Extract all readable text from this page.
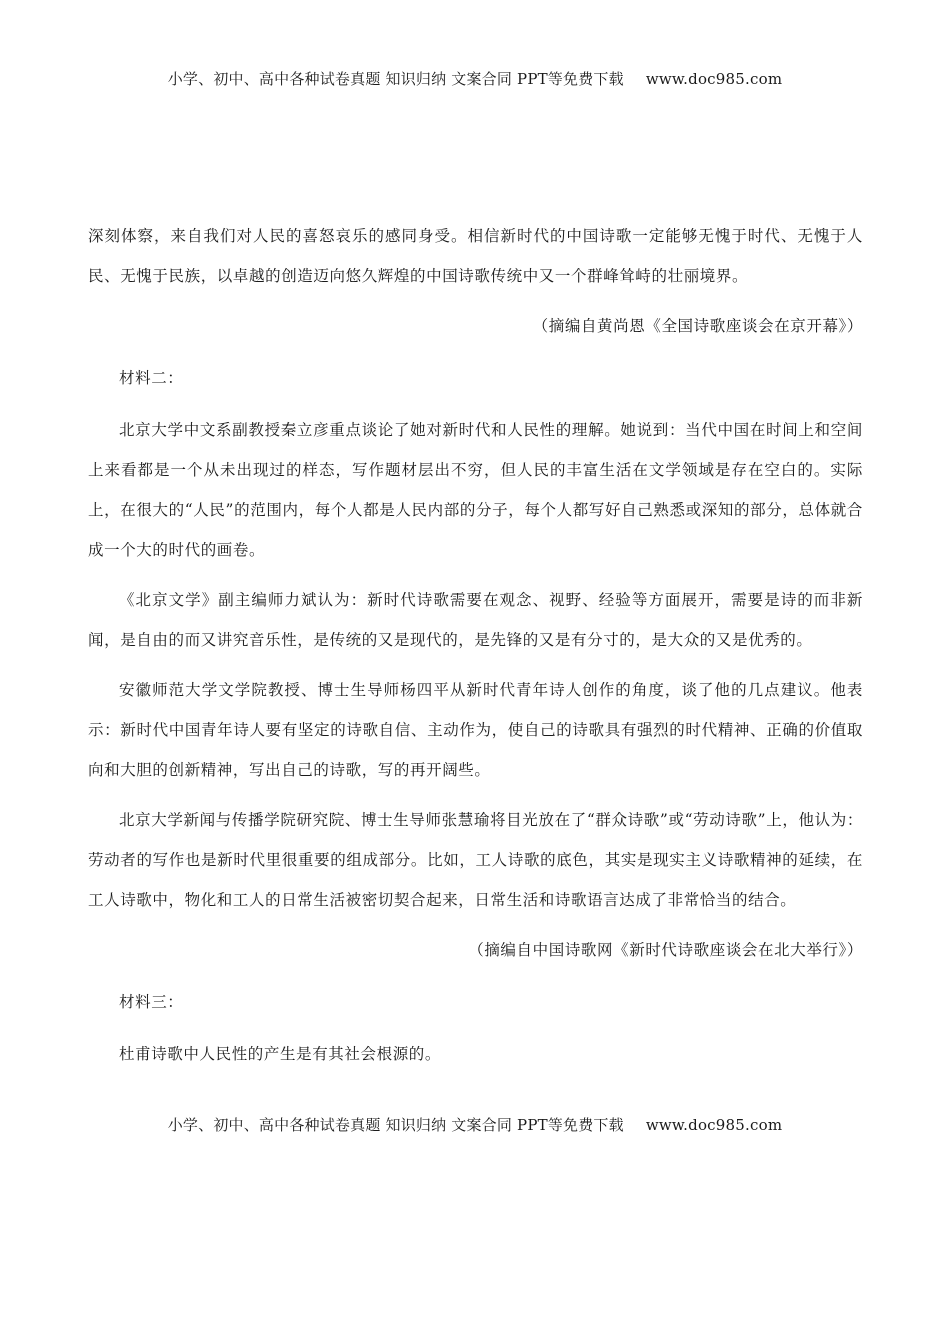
小学、初中、高中各种试卷真题 知识归纳 文案合同 PPT等免费下载 www.doc985.com

深刻体察，来自我们对人民的喜怒哀乐的感同身受。相信新时代的中国诗歌一定能够无愧于时代、无愧于人民、无愧于民族，以卓越的创造迈向悠久辉煌的中国诗歌传统中又一个群峰耸峙的壮丽境界。

（摘编自黄尚恩《全国诗歌座谈会在京开幕》）

材料二：

北京大学中文系副教授秦立彦重点谈论了她对新时代和人民性的理解。她说到：当代中国在时间上和空间上来看都是一个从未出现过的样态，写作题材层出不穷，但人民的丰富生活在文学领域是存在空白的。实际上，在很大的“人民”的范围内，每个人都是人民内部的分子，每个人都写好自己熟悉或深知的部分，总体就合成一个大的时代的画卷。

《北京文学》副主编师力斌认为：新时代诗歌需要在观念、视野、经验等方面展开，需要是诗的而非新闻，是自由的而又讲究音乐性，是传统的又是现代的，是先锋的又是有分寸的，是大众的又是优秀的。

安徽师范大学文学院教授、博士生导师杨四平从新时代青年诗人创作的角度，谈了他的几点建议。他表示：新时代中国青年诗人要有坚定的诗歌自信、主动作为，使自己的诗歌具有强烈的时代精神、正确的价值取向和大胆的创新精神，写出自己的诗歌，写的再开阔些。

北京大学新闻与传播学院研究院、博士生导师张慧瑜将目光放在了“群众诗歌”或“劳动诗歌”上，他认为：劳动者的写作也是新时代里很重要的组成部分。比如，工人诗歌的底色，其实是现实主义诗歌精神的延续，在工人诗歌中，物化和工人的日常生活被密切契合起来，日常生活和诗歌语言达成了非常恰当的结合。

（摘编自中国诗歌网《新时代诗歌座谈会在北大举行》）

材料三：

杜甫诗歌中人民性的产生是有其社会根源的。

小学、初中、高中各种试卷真题 知识归纳 文案合同 PPT等免费下载 www.doc985.com
